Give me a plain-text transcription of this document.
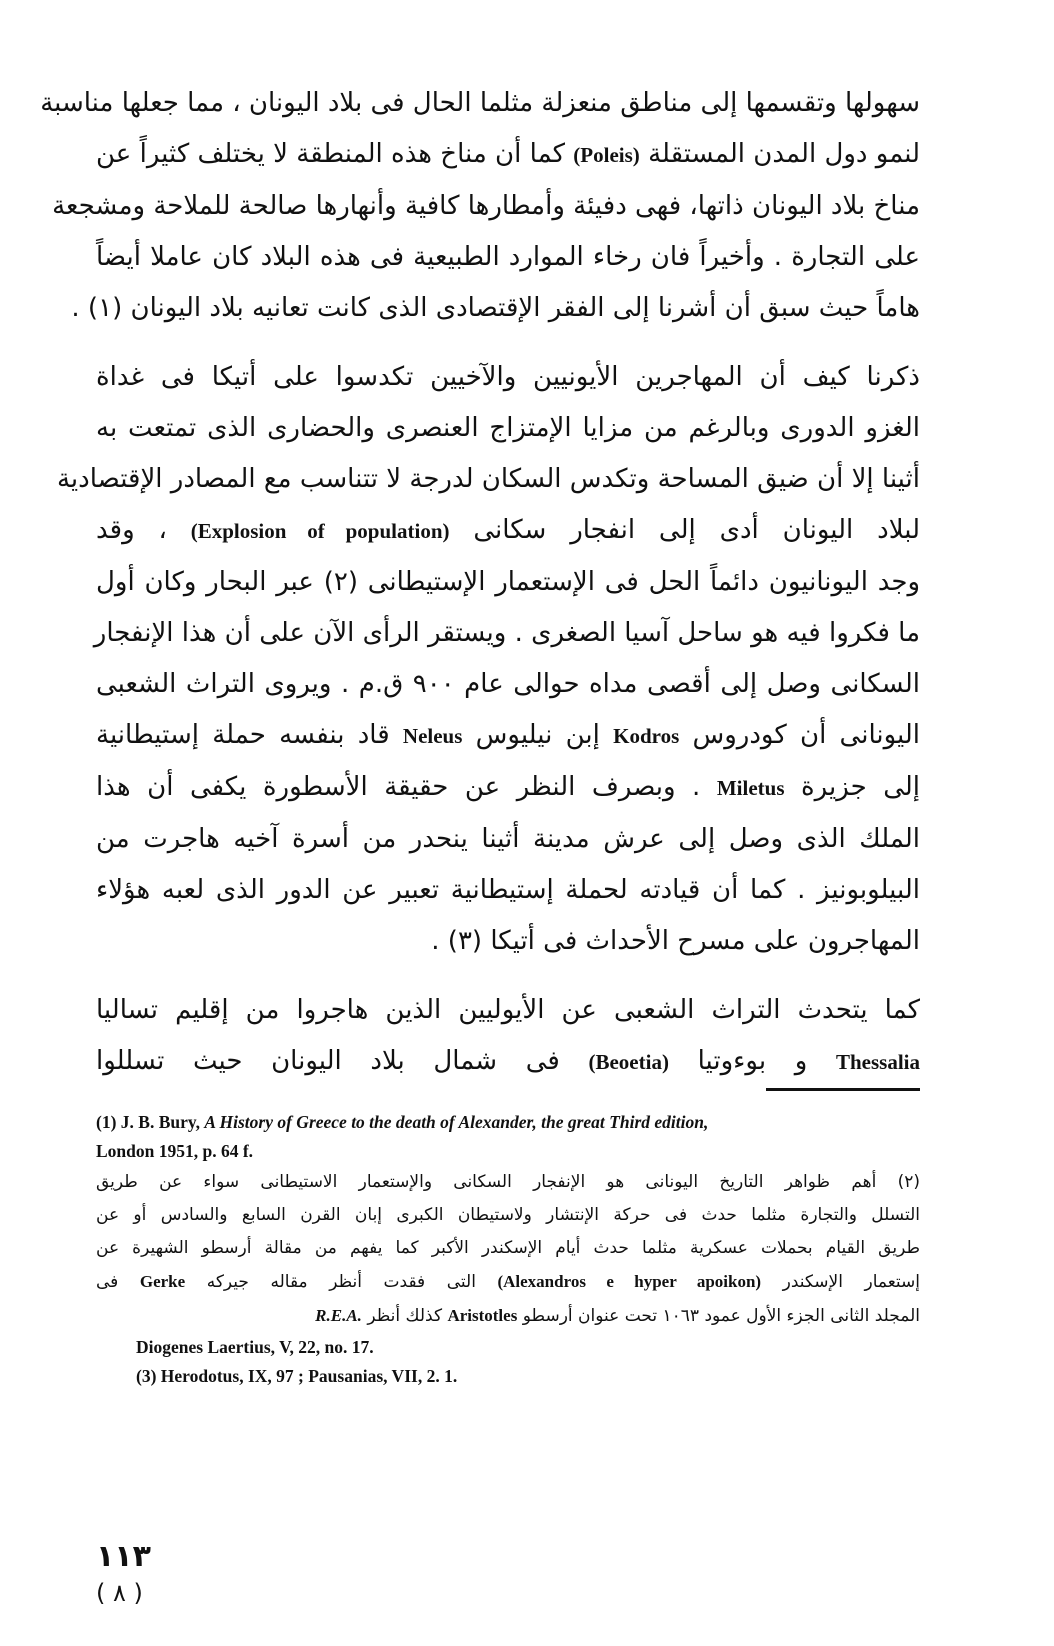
سهولها وتقسمها إلى مناطق منعزلة مثلما الحال فى بلاد اليونان ، مما جعلها مناسبة

لنمو دول المدن المستقلة (Poleis) كما أن مناخ هذه المنطقة لا يختلف كثيراً عن

مناخ بلاد اليونان ذاتها، فهى دفيئة وأمطارها كافية وأنهارها صالحة للملاحة ومشجعة

على التجارة . وأخيراً فان رخاء الموارد الطبيعية فى هذه البلاد كان عاملا أيضاً

هاماً حيث سبق أن أشرنا إلى الفقر الإقتصادى الذى كانت تعانيه بلاد اليونان (١) .

ذكرنا كيف أن المهاجرين الأيونيين والآخيين تكدسوا على أتيكا فى غداة

الغزو الدورى وبالرغم من مزايا الإمتزاج العنصرى والحضارى الذى تمتعت به

أثينا إلا أن ضيق المساحة وتكدس السكان لدرجة لا تتناسب مع المصادر الإقتصادية

لبلاد اليونان أدى إلى انفجار سكانى (Explosion of population) ، وقد

وجد اليونانيون دائماً الحل فى الإستعمار الإستيطانى (٢) عبر البحار وكان أول

ما فكروا فيه هو ساحل آسيا الصغرى . ويستقر الرأى الآن على أن هذا الإنفجار

السكانى وصل إلى أقصى مداه حوالى عام ٩٠٠ ق.م . ويروى التراث الشعبى

اليونانى أن كودروس Kodros إبن نيليوس Neleus قاد بنفسه حملة إستيطانية

إلى جزيرة Miletus . وبصرف النظر عن حقيقة الأسطورة يكفى أن هذا

الملك الذى وصل إلى عرش مدينة أثينا ينحدر من أسرة آخيه هاجرت من

البيلوبونيز . كما أن قيادته لحملة إستيطانية تعبير عن الدور الذى لعبه هؤلاء

المهاجرون على مسرح الأحداث فى أتيكا (٣) .

كما يتحدث التراث الشعبى عن الأيوليين الذين هاجروا من إقليم تساليا

Thessalia و بوءوتيا (Beoetia) فى شمال بلاد اليونان حيث تسللوا

(1) J. B. Bury, A History of Greece to the death of Alexander, the great Third edition,

London 1951, p. 64 f.

(٢) أهم ظواهر التاريخ اليونانى هو الإنفجار السكانى والإستعمار الاستيطانى سواء عن طريق

التسلل والتجارة مثلما حدث فى حركة الإنتشار ولاستيطان الكبرى إبان القرن السابع والسادس أو عن

طريق القيام بحملات عسكرية مثلما حدث أيام الإسكندر الأكبر كما يفهم من مقالة أرسطو الشهيرة عن

إستعمار الإسكندر (Alexandros e hyper apoikon) التى فقدت أنظر مقاله جيركه Gerke فى

المجلد الثانى الجزء الأول عمود ١٠٦٣ تحت عنوان أرسطو Aristotles كذلك أنظر R.E.A.

Diogenes Laertius, V, 22, no. 17.

(3) Herodotus, IX, 97 ; Pausanias, VII, 2. 1.

١١٣
( ٨ )
